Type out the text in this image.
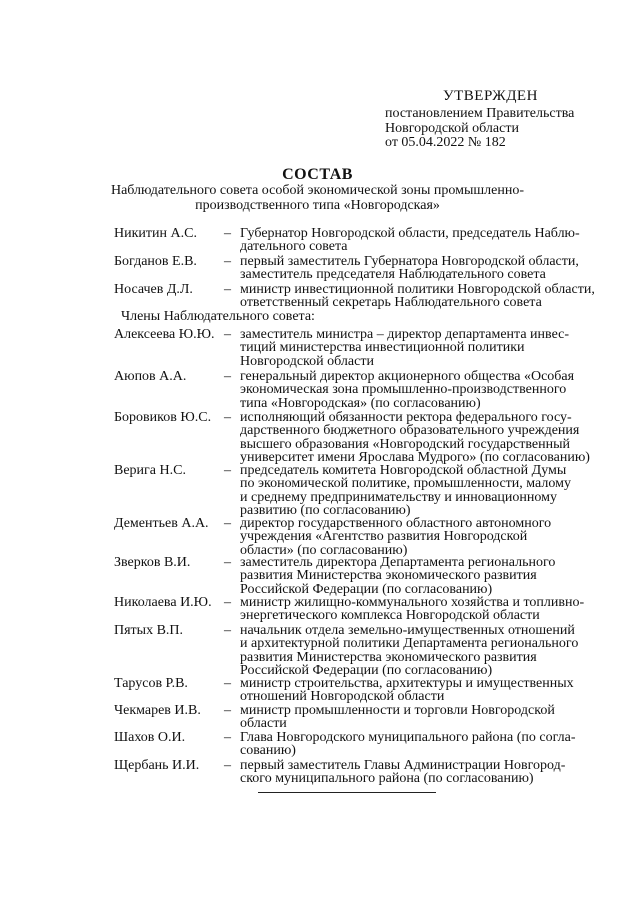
УТВЕРЖДЕН
постановлением Правительства
Новгородской области
от 05.04.2022 № 182
СОСТАВ
Наблюдательного совета особой экономической зоны промышленно-
производственного типа «Новгородская»
Никитин А.С. – Губернатор Новгородской области, председатель Наблю-
дательного совета
Богданов Е.В. – первый заместитель Губернатора Новгородской области,
заместитель председателя Наблюдательного совета
Носачев Д.Л. – министр инвестиционной политики Новгородской области,
ответственный секретарь Наблюдательного совета
Члены Наблюдательного совета:
Алексеева Ю.Ю. – заместитель министра – директор департамента инвес-
тиций министерства инвестиционной политики
Новгородской области
Аюпов А.А.	– генеральный директор акционерного общества «Особая
экономическая зона промышленно-производственного
типа «Новгородская» (по согласованию)
Боровиков Ю.С. – исполняющий обязанности ректора федерального госу-
дарственного бюджетного образовательного учреждения
высшего образования «Новгородский государственный
университет имени Ярослава Мудрого» (по согласованию)
Верига Н.С.	– председатель комитета Новгородской областной Думы
по экономической политике, промышленности, малому
и среднему предпринимательству и инновационному
развитию (по согласованию)
Дементьев А.А. – директор государственного областного автономного
учреждения «Агентство развития Новгородской
области» (по согласованию)
Зверков В.И. – заместитель директора Департамента регионального
развития Министерства экономического развития
Российской Федерации (по согласованию)
Николаева И.Ю. – министр жилищно-коммунального хозяйства и топливно-
энергетического комплекса Новгородской области
Пятых В.П.	– начальник отдела земельно-имущественных отношений
и архитектурной политики Департамента регионального
развития Министерства экономического развития
Российской Федерации (по согласованию)
Тарусов Р.В.	– министр строительства, архитектуры и имущественных
отношений Новгородской области
Чекмарев И.В. – министр промышленности и торговли Новгородской
области
Шахов О.И.	– Глава Новгородского муниципального района (по согла-
сованию)
Щербань И.И. – первый заместитель Главы Администрации Новгород-
ского муниципального района (по согласованию)
